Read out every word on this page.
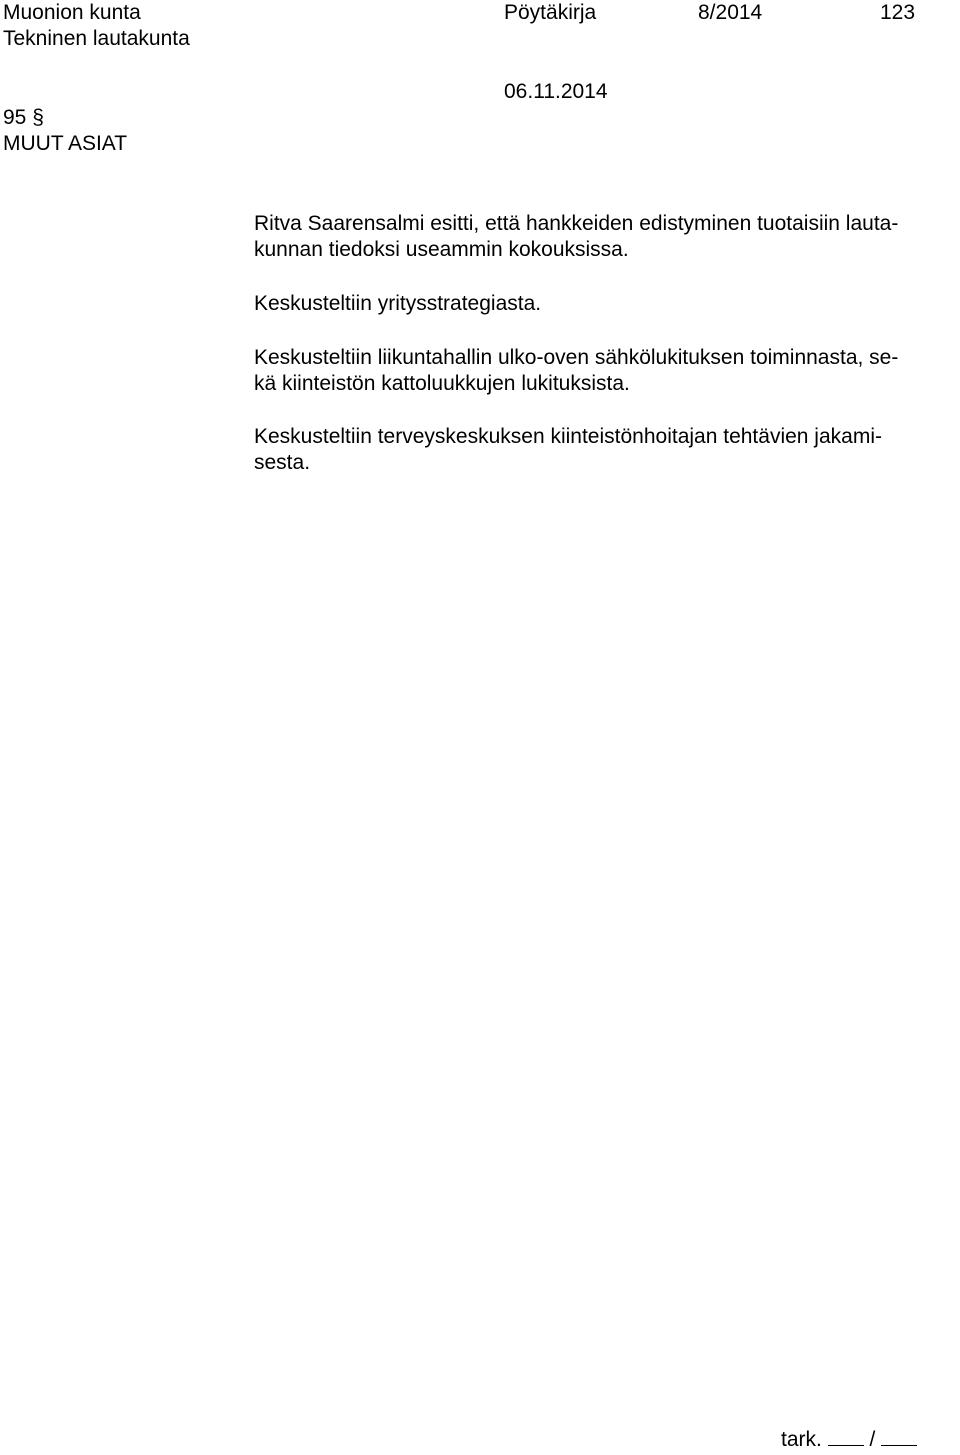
Muonion kunta
Tekninen lautakunta
Pöytäkirja	8/2014	123
06.11.2014
95 §
MUUT ASIAT

Ritva Saarensalmi esitti, että hankkeiden edistyminen tuotaisiin lauta-
kunnan tiedoksi useammin kokouksissa.

Keskusteltiin yritysstrategiasta.

Keskusteltiin liikuntahallin ulko-oven sähkölukituksen toiminnasta, se-
kä kiinteistön kattoluukkujen lukituksista.

Keskusteltiin terveyskeskuksen kiinteistönhoitajan tehtävien jakami-
sesta.

tark. /
